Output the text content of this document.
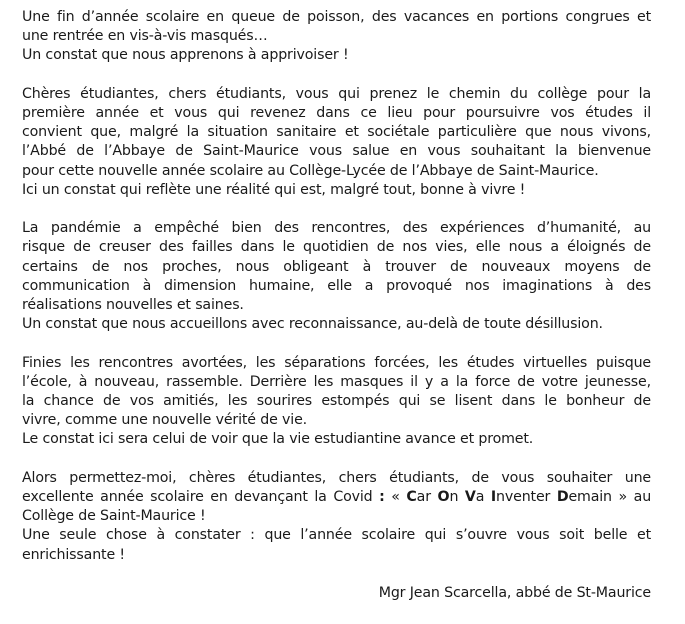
Une fin d’année scolaire en queue de poisson, des vacances en portions congrues et
une rentrée en vis-à-vis masqués…
Un constat que nous apprenons à apprivoiser !
Chères étudiantes, chers étudiants, vous qui prenez le chemin du collège pour la
première année et vous qui revenez dans ce lieu pour poursuivre vos études il
convient que, malgré la situation sanitaire et sociétale particulière que nous vivons,
l’Abbé de l’Abbaye de Saint-Maurice vous salue en vous souhaitant la bienvenue
pour cette nouvelle année scolaire au Collège-Lycée de l’Abbaye de Saint-Maurice.
Ici un constat qui reflète une réalité qui est, malgré tout, bonne à vivre !
La pandémie a empêché bien des rencontres, des expériences d’humanité, au
risque de creuser des failles dans le quotidien de nos vies, elle nous a éloignés de
certains de nos proches, nous obligeant à trouver de nouveaux moyens de
communication à dimension humaine, elle a provoqué nos imaginations à des
réalisations nouvelles et saines.
Un constat que nous accueillons avec reconnaissance, au-delà de toute désillusion.
Finies les rencontres avortées, les séparations forcées, les études virtuelles puisque
l’école, à nouveau, rassemble. Derrière les masques il y a la force de votre jeunesse,
la chance de vos amitiés, les sourires estompés qui se lisent dans le bonheur de
vivre, comme une nouvelle vérité de vie.
Le constat ici sera celui de voir que la vie estudiantine avance et promet.
Alors permettez-moi, chères étudiantes, chers étudiants, de vous souhaiter une
excellente année scolaire en devançant la Covid : « Car On Va Inventer Demain » au
Collège de Saint-Maurice !
Une seule chose à constater : que l’année scolaire qui s’ouvre vous soit belle et
enrichissante !
Mgr Jean Scarcella, abbé de St-Maurice
